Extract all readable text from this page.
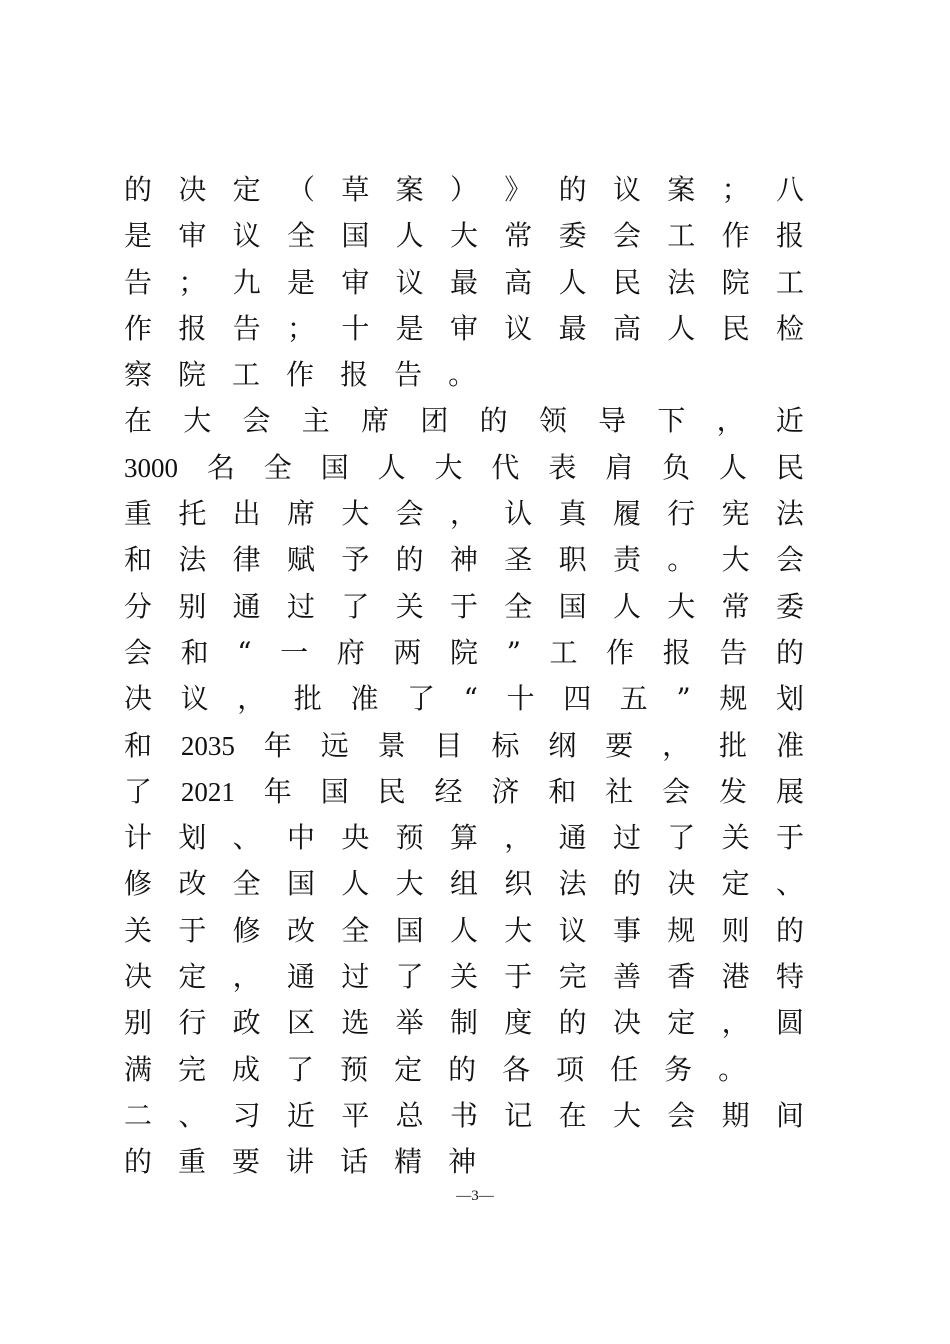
的 决 定 （ 草 案 ） 》 的 议 案 ； 八
是 审 议 全 国 人 大 常 委 会 工 作 报
告 ； 九 是 审 议 最 高 人 民 法 院 工
作 报 告 ； 十 是 审 议 最 高 人 民 检
察 院 工 作 报 告 。
在 大 会 主 席 团 的 领 导 下 ， 近
3000 名 全 国 人 大 代 表 肩 负 人 民
重 托 出 席 大 会 ， 认 真 履 行 宪 法
和 法 律 赋 予 的 神 圣 职 责 。 大 会
分 别 通 过 了 关 于 全 国 人 大 常 委
会 和 “ 一 府 两 院 ” 工 作 报 告 的
决 议 ， 批 准 了 “ 十 四 五 ” 规 划
和 2035 年 远 景 目 标 纲 要 ， 批 准
了 2021 年 国 民 经 济 和 社 会 发 展
计 划 、 中 央 预 算 ， 通 过 了 关 于
修 改 全 国 人 大 组 织 法 的 决 定 、
关 于 修 改 全 国 人 大 议 事 规 则 的
决 定 ， 通 过 了 关 于 完 善 香 港 特
别 行 政 区 选 举 制 度 的 决 定 ， 圆
满 完 成 了 预 定 的 各 项 任 务 。
二 、 习 近 平 总 书 记 在 大 会 期 间
的 重 要 讲 话 精 神
—3—
